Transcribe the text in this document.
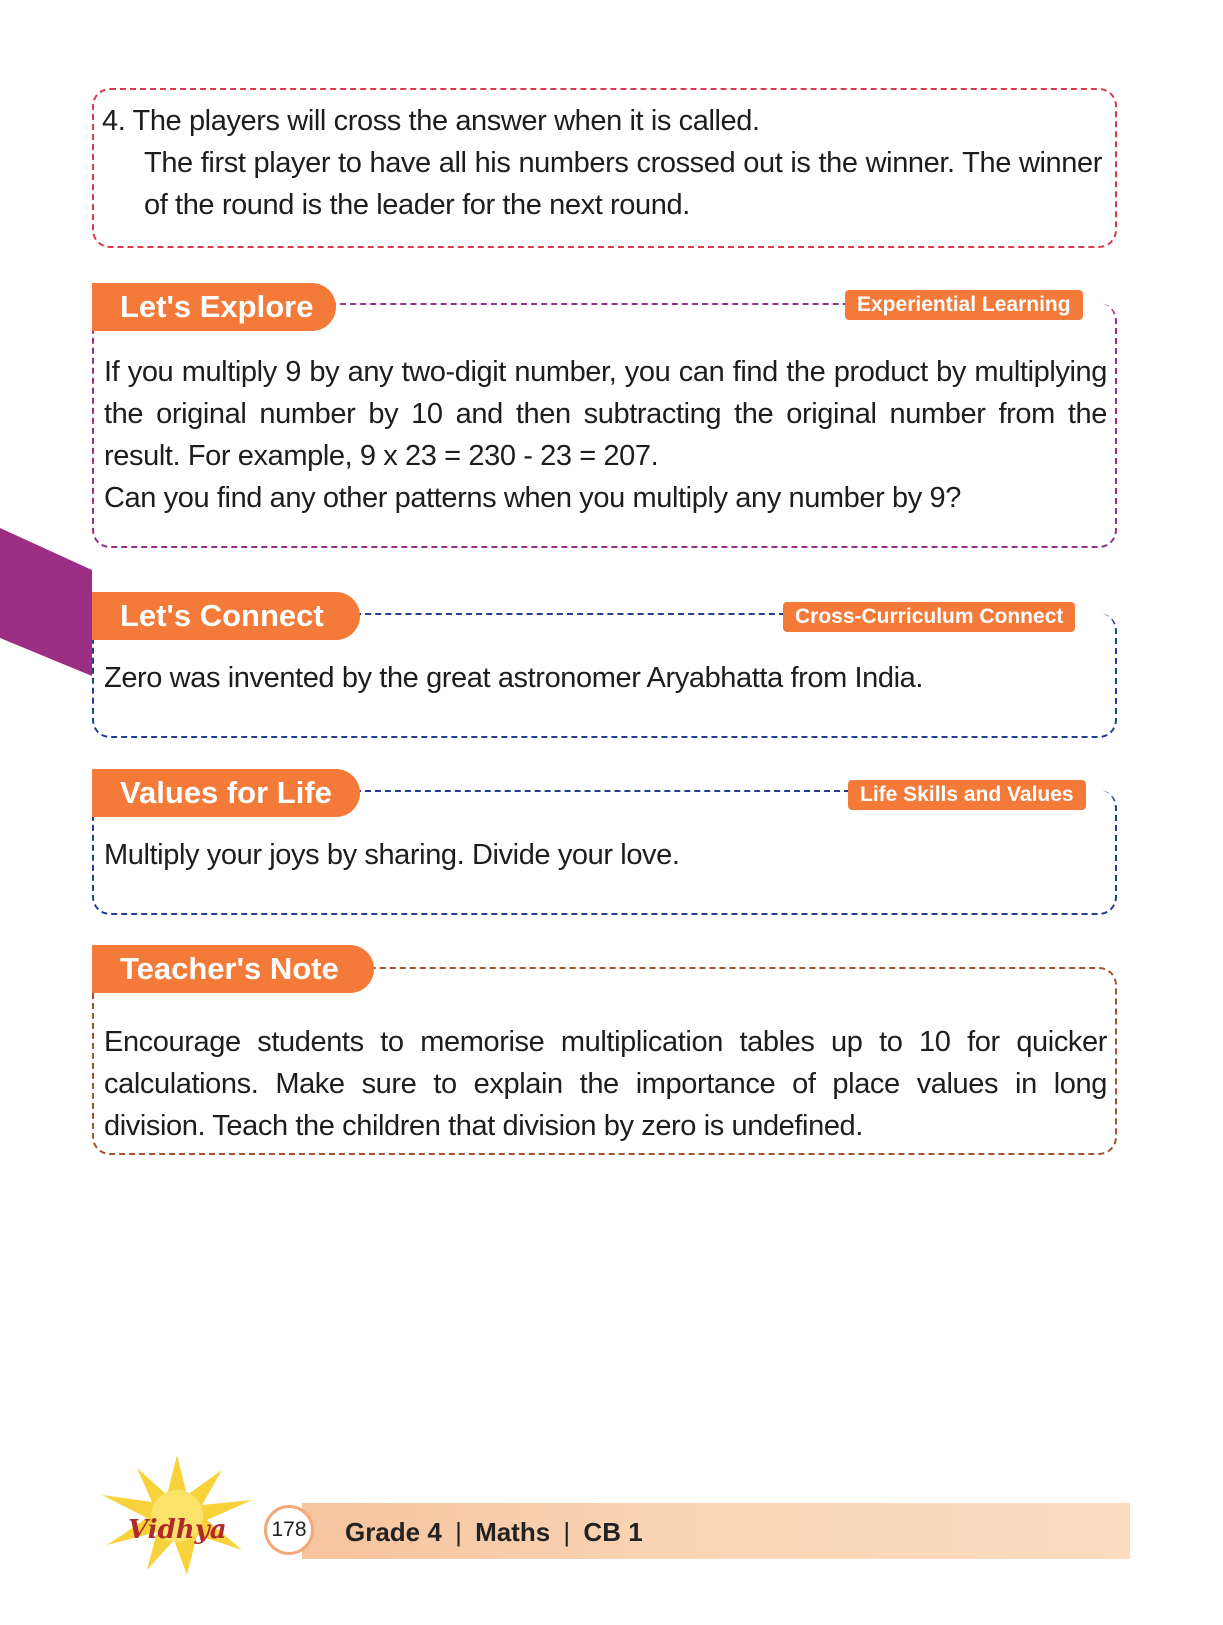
4. The players will cross the answer when it is called.
The first player to have all his numbers crossed out is the winner. The winner of the round is the leader for the next round.
If you multiply 9 by any two-digit number, you can find the product by multiplying the original number by 10 and then subtracting the original number from the result. For example, 9 x 23 = 230 - 23 = 207.
Can you find any other patterns when you multiply any number by 9?
Let's Explore	Experiential Learning
Zero was invented by the great astronomer Aryabhatta from India.
Let's Connect	Cross-Curriculum Connect
Multiply your joys by sharing. Divide your love.
Values for Life	Life Skills and Values
Encourage students to memorise multiplication tables up to 10 for quicker calculations. Make sure to explain the importance of place values in long division. Teach the children that division by zero is undefined.
Teacher's Note
Vidhya	178 Grade 4 | Maths | CB 1
